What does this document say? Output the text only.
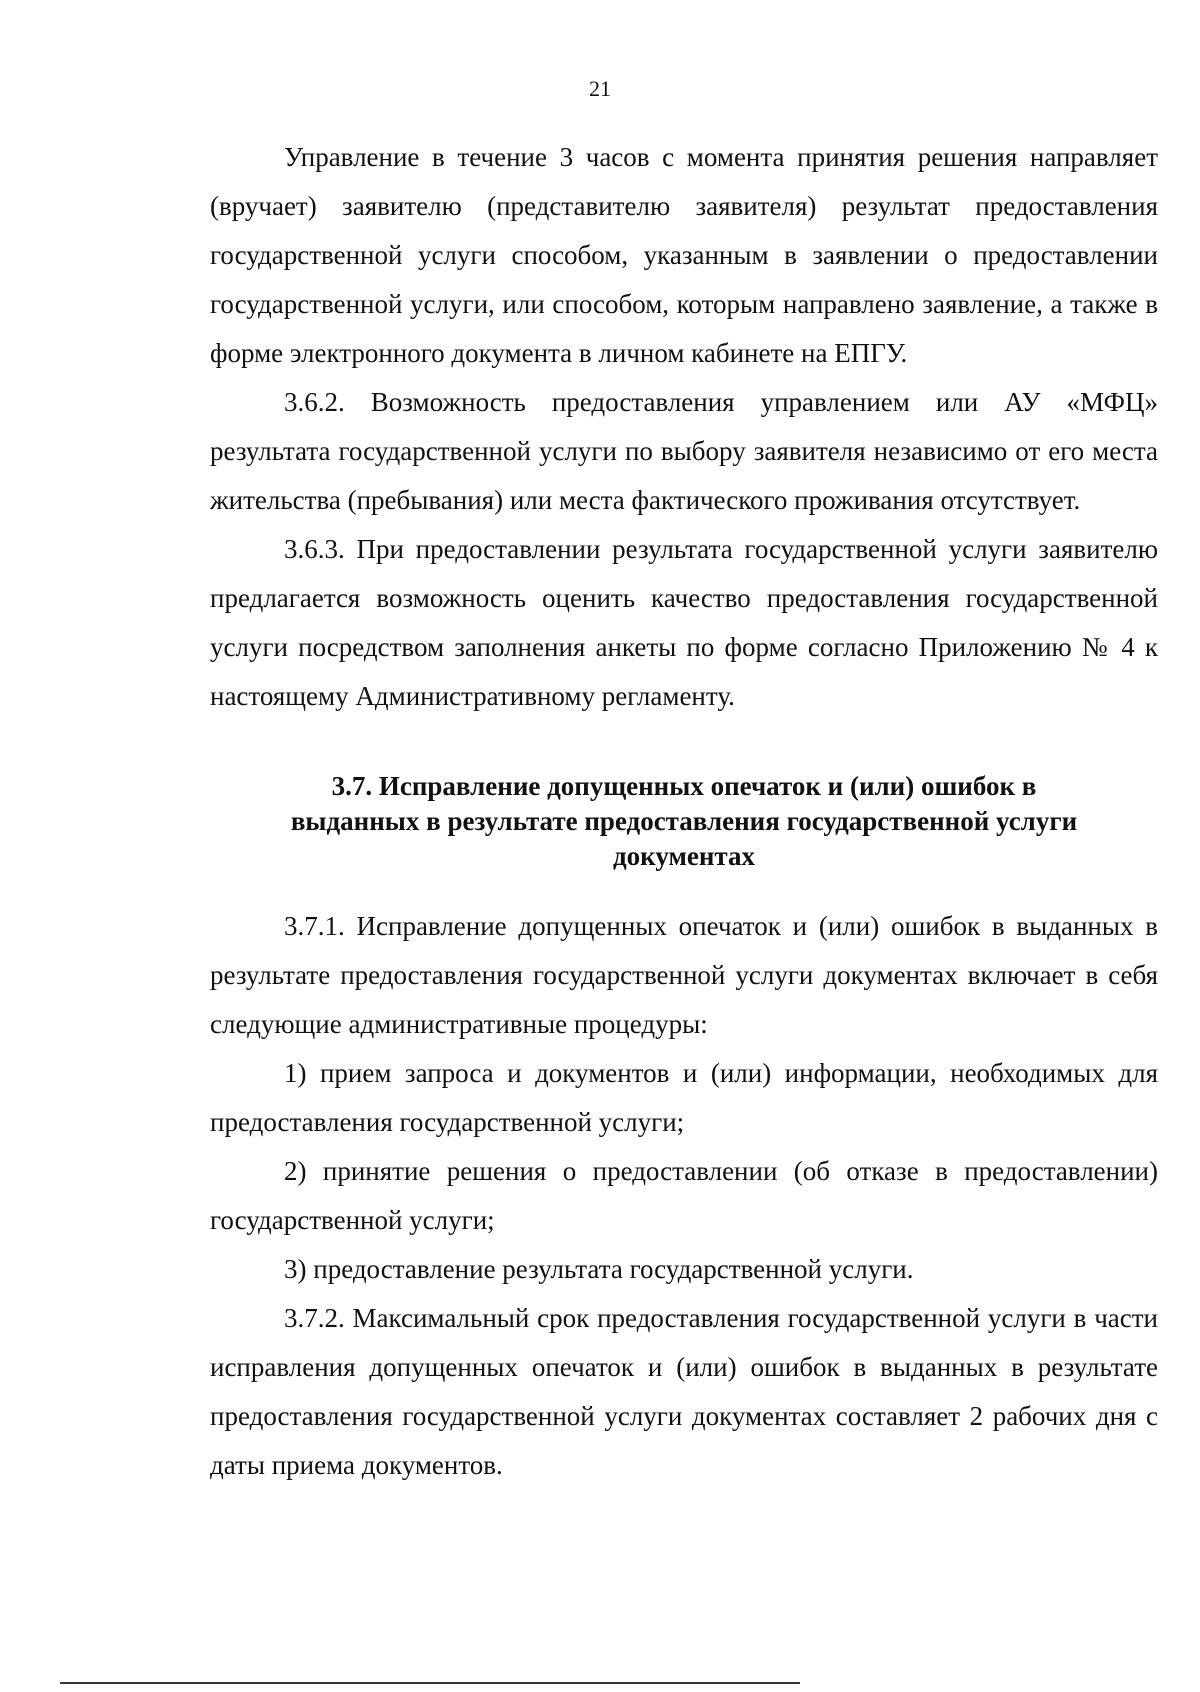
21

Управление в течение 3 часов с момента принятия решения направляет (вручает) заявителю (представителю заявителя) результат предоставления государственной услуги способом, указанным в заявлении о предоставлении государственной услуги, или способом, которым направлено заявление, а также в форме электронного документа в личном кабинете на ЕПГУ.

3.6.2. Возможность предоставления управлением или АУ «МФЦ» результата государственной услуги по выбору заявителя независимо от его места жительства (пребывания) или места фактического проживания отсутствует.

3.6.3. При предоставлении результата государственной услуги заявителю предлагается возможность оценить качество предоставления государственной услуги посредством заполнения анкеты по форме согласно Приложению № 4 к настоящему Административному регламенту.

3.7. Исправление допущенных опечаток и (или) ошибок в

выданных в результате предоставления государственной услуги

документах

3.7.1. Исправление допущенных опечаток и (или) ошибок в выданных в результате предоставления государственной услуги документах включает в себя следующие административные процедуры:

1) прием запроса и документов и (или) информации, необходимых для предоставления государственной услуги;

2) принятие решения о предоставлении (об отказе в предоставлении) государственной услуги;

3) предоставление результата государственной услуги.

3.7.2. Максимальный срок предоставления государственной услуги в части исправления допущенных опечаток и (или) ошибок в выданных в результате предоставления государственной услуги документах составляет 2 рабочих дня с даты приема документов.
